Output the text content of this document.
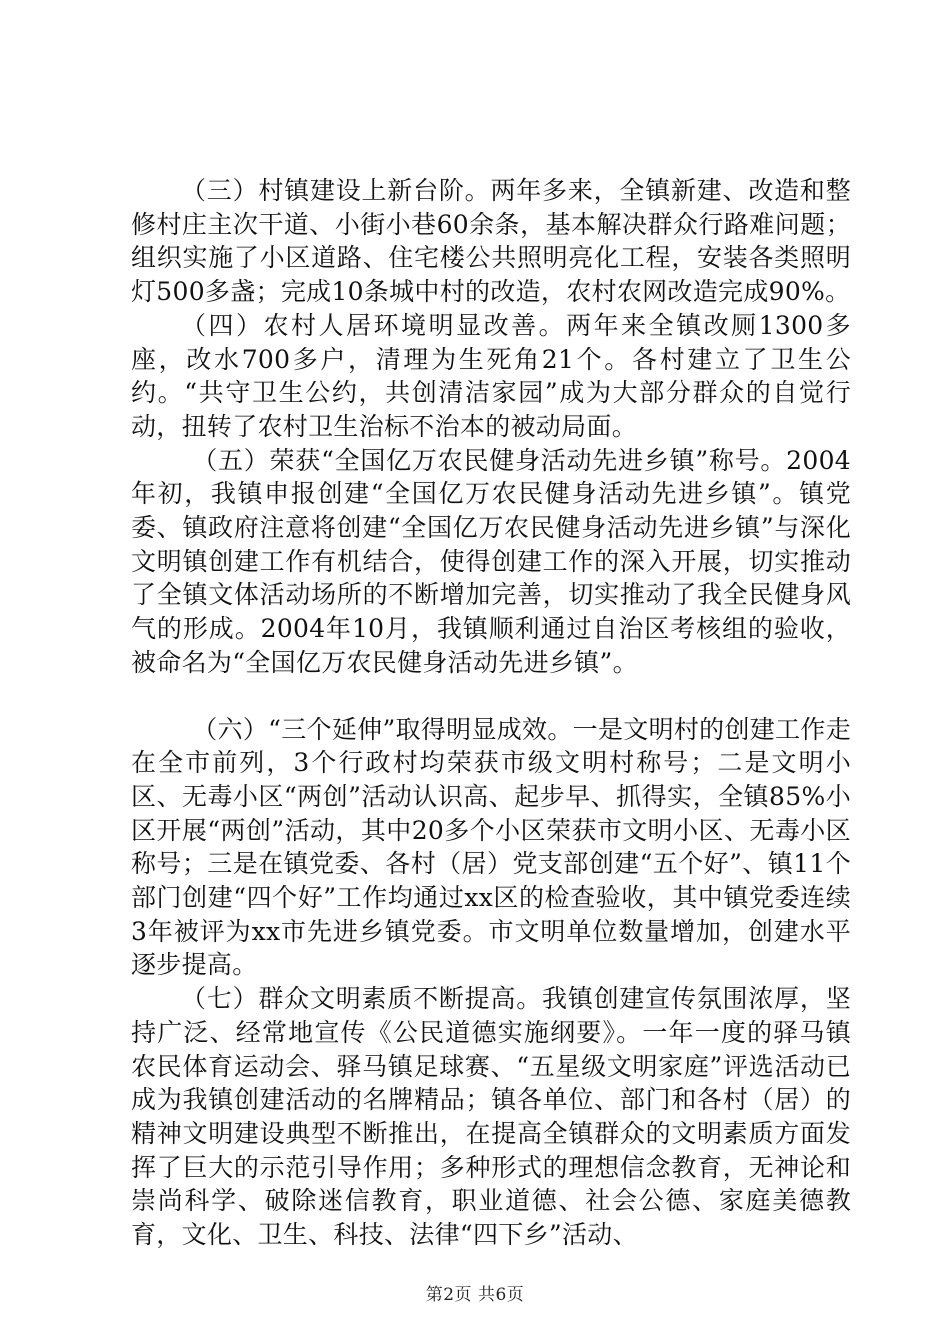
（三）村镇建设上新台阶。两年多来，全镇新建、改造和整修村庄主次干道、小街小巷60余条，基本解决群众行路难问题；组织实施了小区道路、住宅楼公共照明亮化工程，安装各类照明灯500多盏；完成10条城中村的改造，农村农网改造完成90%。

（四）农村人居环境明显改善。两年来全镇改厕1300多座，改水700多户，清理为生死角21个。各村建立了卫生公约。“共守卫生公约，共创清洁家园”成为大部分群众的自觉行动，扭转了农村卫生治标不治本的被动局面。

（五）荣获“全国亿万农民健身活动先进乡镇”称号。2004年初，我镇申报创建“全国亿万农民健身活动先进乡镇”。镇党委、镇政府注意将创建“全国亿万农民健身活动先进乡镇”与深化文明镇创建工作有机结合，使得创建工作的深入开展，切实推动了全镇文体活动场所的不断增加完善，切实推动了我全民健身风气的形成。2004年10月，我镇顺利通过自治区考核组的验收，被命名为“全国亿万农民健身活动先进乡镇”。

（六）“三个延伸”取得明显成效。一是文明村的创建工作走在全市前列，3个行政村均荣获市级文明村称号；二是文明小区、无毒小区“两创”活动认识高、起步早、抓得实，全镇85%小区开展“两创”活动，其中20多个小区荣获市文明小区、无毒小区称号；三是在镇党委、各村（居）党支部创建“五个好”、镇11个部门创建“四个好”工作均通过xx区的检查验收，其中镇党委连续3年被评为xx市先进乡镇党委。市文明单位数量增加，创建水平逐步提高。

（七）群众文明素质不断提高。我镇创建宣传氛围浓厚，坚持广泛、经常地宣传《公民道德实施纲要》。一年一度的驿马镇农民体育运动会、驿马镇足球赛、“五星级文明家庭”评选活动已成为我镇创建活动的名牌精品；镇各单位、部门和各村（居）的精神文明建设典型不断推出，在提高全镇群众的文明素质方面发挥了巨大的示范引导作用；多种形式的理想信念教育，无神论和崇尚科学、破除迷信教育，职业道德、社会公德、家庭美德教育，文化、卫生、科技、法律“四下乡”活动、

第2页 共6页
